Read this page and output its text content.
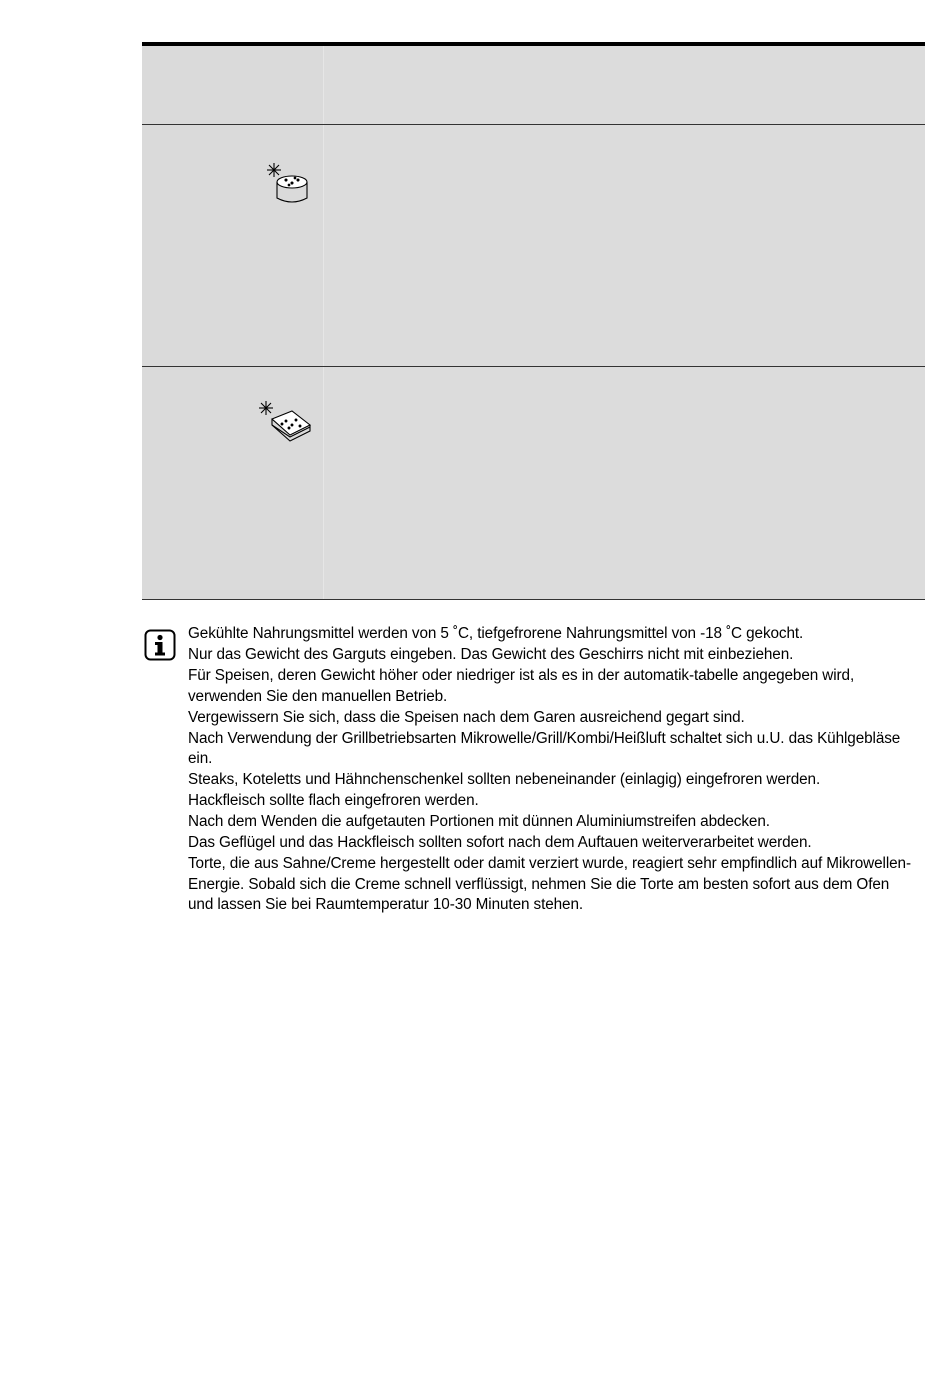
Gekühlte Nahrungsmittel werden von 5 ˚C, tiefgefrorene Nahrungsmittel von -18 ˚C gekocht.
Nur das Gewicht des Garguts eingeben. Das Gewicht des Geschirrs nicht mit einbeziehen.
Für Speisen, deren Gewicht höher oder niedriger ist als es in der automatik-tabelle angegeben wird, verwenden Sie den manuellen Betrieb.
Vergewissern Sie sich, dass die Speisen nach dem Garen ausreichend gegart sind.
Nach Verwendung der Grillbetriebsarten Mikrowelle/Grill/Kombi/Heißluft schaltet sich u.U. das Kühlgebläse ein.
Steaks, Koteletts und Hähnchenschenkel sollten nebeneinander (einlagig) eingefroren werden.
Hackfleisch sollte flach eingefroren werden.
Nach dem Wenden die aufgetauten Portionen mit dünnen Aluminiumstreifen abdecken.
Das Geflügel und das Hackfleisch sollten sofort nach dem Auftauen weiterverarbeitet werden.
Torte, die aus Sahne/Creme hergestellt oder damit verziert wurde, reagiert sehr empfindlich auf Mikrowellen-Energie. Sobald sich die Creme schnell verflüssigt, nehmen Sie die Torte am besten sofort aus dem Ofen und lassen Sie bei Raumtemperatur 10-30 Minuten stehen.
